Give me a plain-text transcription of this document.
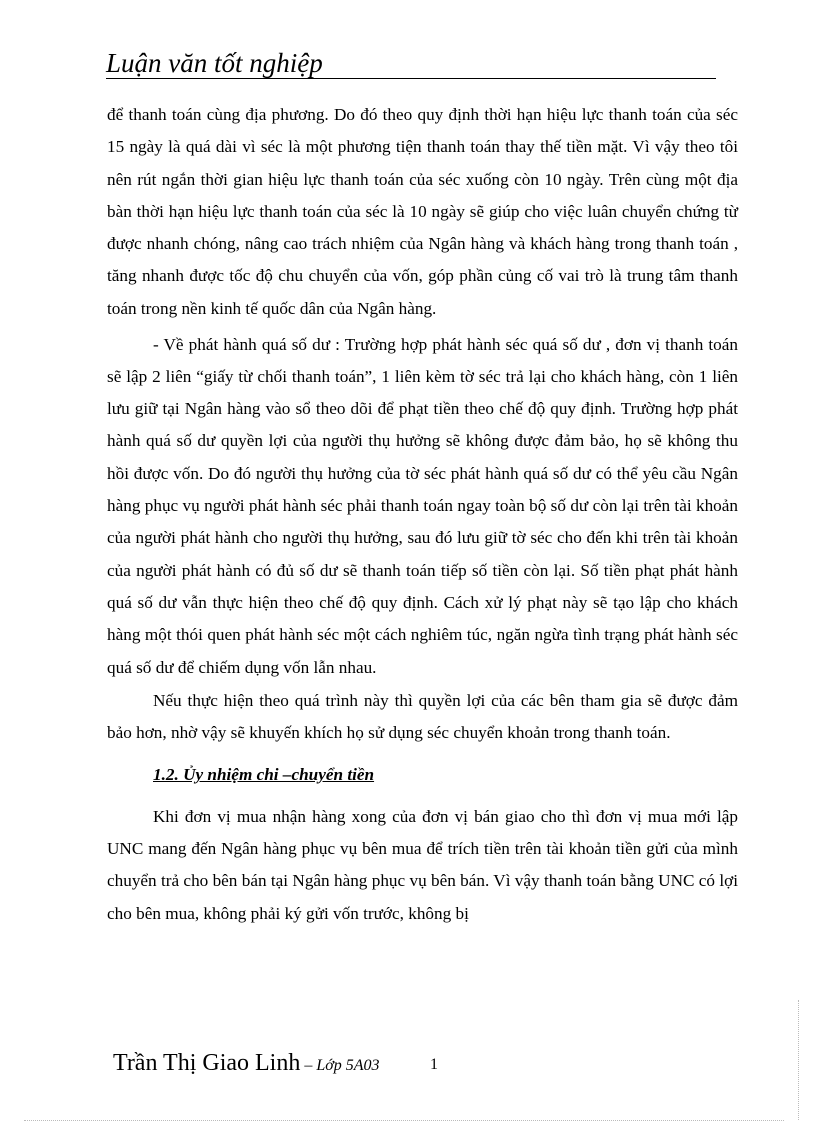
Luận văn tốt nghiệp

để thanh toán cùng địa phương. Do đó theo quy định thời hạn hiệu lực thanh toán của séc 15 ngày là quá dài vì séc là một phương tiện thanh toán thay thế tiền mặt. Vì vậy theo tôi nên rút ngắn thời gian hiệu lực thanh toán của séc xuống còn 10 ngày. Trên cùng một địa bàn thời hạn hiệu lực thanh toán của séc là 10 ngày sẽ giúp cho việc luân chuyển chứng từ được nhanh chóng, nâng cao trách nhiệm của Ngân hàng và khách hàng trong thanh toán , tăng nhanh được tốc độ chu chuyển của vốn, góp phần củng cố vai trò là trung tâm thanh toán trong nền kinh tế quốc dân của Ngân hàng.

- Về phát hành quá số dư : Trường hợp phát hành séc quá số dư , đơn vị thanh toán sẽ lập 2 liên “giấy từ chối thanh toán”, 1 liên kèm tờ séc trả lại cho khách hàng, còn 1 liên lưu giữ tại Ngân hàng vào sổ theo dõi để phạt tiền theo chế độ quy định. Trường hợp phát hành quá số dư quyền lợi của người thụ hưởng sẽ không được đảm bảo, họ sẽ không thu hồi được vốn. Do đó người thụ hưởng của tờ séc phát hành quá số dư có thể yêu cầu Ngân hàng phục vụ người phát hành séc phải thanh toán ngay toàn bộ số dư còn lại trên tài khoản của người phát hành cho người thụ hưởng, sau đó lưu giữ tờ séc cho đến khi trên tài khoản của người phát hành có đủ số dư sẽ thanh toán tiếp số tiền còn lại. Số tiền phạt phát hành quá số dư vẫn thực hiện theo chế độ quy định. Cách xử lý phạt này sẽ tạo lập cho khách hàng một thói quen phát hành séc một cách nghiêm túc, ngăn ngừa tình trạng phát hành séc quá số dư để chiếm dụng vốn lẫn nhau.

Nếu thực hiện theo quá trình này thì quyền lợi của các bên tham gia sẽ được đảm bảo hơn, nhờ vậy sẽ khuyến khích họ sử dụng séc chuyển khoản trong thanh toán.

1.2. Ủy nhiệm chi –chuyển tiền

Khi đơn vị mua nhận hàng xong của đơn vị bán giao cho thì đơn vị mua mới lập UNC mang đến Ngân hàng phục vụ bên mua để trích tiền trên tài khoản tiền gửi của mình chuyển trả cho bên bán tại Ngân hàng phục vụ bên bán. Vì vậy thanh toán bằng UNC có lợi cho bên mua, không phải ký gửi vốn trước, không bị

Trần Thị Giao Linh – Lớp 5A03	1
